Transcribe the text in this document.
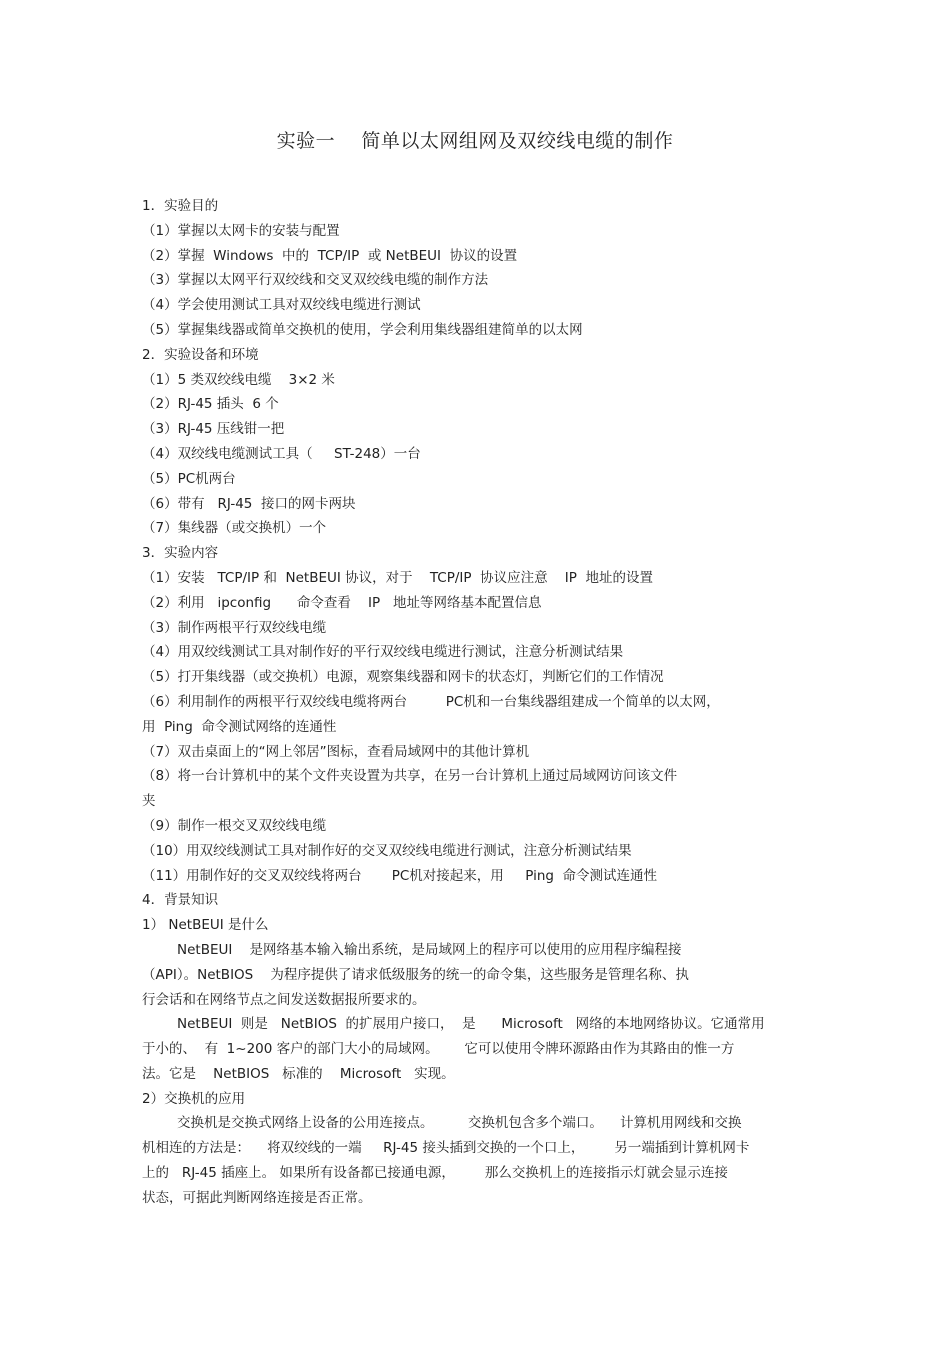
实验一    简单以太网组网及双绞线电缆的制作
1．实验目的
（1）掌握以太网卡的安装与配置
（2）掌握  Windows  中的  TCP/IP  或 NetBEUI  协议的设置
（3）掌握以太网平行双绞线和交叉双绞线电缆的制作方法
（4）学会使用测试工具对双绞线电缆进行测试
（5）掌握集线器或简单交换机的使用，学会利用集线器组建简单的以太网
2．实验设备和环境
（1）5 类双绞线电缆    3×2 米
（2）RJ-45 插头  6 个
（3）RJ-45 压线钳一把
（4）双绞线电缆测试工具（     ST-248）一台
（5）PC机两台
（6）带有   RJ-45  接口的网卡两块
（7）集线器（或交换机）一个
3．实验内容
（1）安装   TCP/IP 和  NetBEUI 协议，对于    TCP/IP  协议应注意    IP  地址的设置
（2）利用   ipconfig      命令查看    IP   地址等网络基本配置信息
（3）制作两根平行双绞线电缆
（4）用双绞线测试工具对制作好的平行双绞线电缆进行测试，注意分析测试结果
（5）打开集线器（或交换机）电源，观察集线器和网卡的状态灯，判断它们的工作情况
（6）利用制作的两根平行双绞线电缆将两台         PC机和一台集线器组建成一个简单的以太网，
用  Ping  命令测试网络的连通性
（7）双击桌面上的“网上邻居”图标，查看局域网中的其他计算机
（8）将一台计算机中的某个文件夹设置为共享，在另一台计算机上通过局域网访问该文件
夹
（9）制作一根交叉双绞线电缆
（10）用双绞线测试工具对制作好的交叉双绞线电缆进行测试，注意分析测试结果
（11）用制作好的交叉双绞线将两台       PC机对接起来，用     Ping  命令测试连通性
4．背景知识
1） NetBEUI 是什么
NetBEUI    是网络基本输入输出系统，是局域网上的程序可以使用的应用程序编程接
（API）。NetBIOS    为程序提供了请求低级服务的统一的命令集，这些服务是管理名称、执
行会话和在网络节点之间发送数据报所要求的。
NetBEUI  则是   NetBIOS  的扩展用户接口，  是      Microsoft   网络的本地网络协议。它通常用
于小的、  有  1~200 客户的部门大小的局域网。      它可以使用令牌环源路由作为其路由的惟一方
法。它是    NetBIOS   标准的    Microsoft   实现。
2）交换机的应用
交换机是交换式网络上设备的公用连接点。        交换机包含多个端口。    计算机用网线和交换
机相连的方法是：    将双绞线的一端     RJ-45 接头插到交换的一个口上，       另一端插到计算机网卡
上的   RJ-45 插座上。 如果所有设备都已接通电源，       那么交换机上的连接指示灯就会显示连接
状态，可据此判断网络连接是否正常。
